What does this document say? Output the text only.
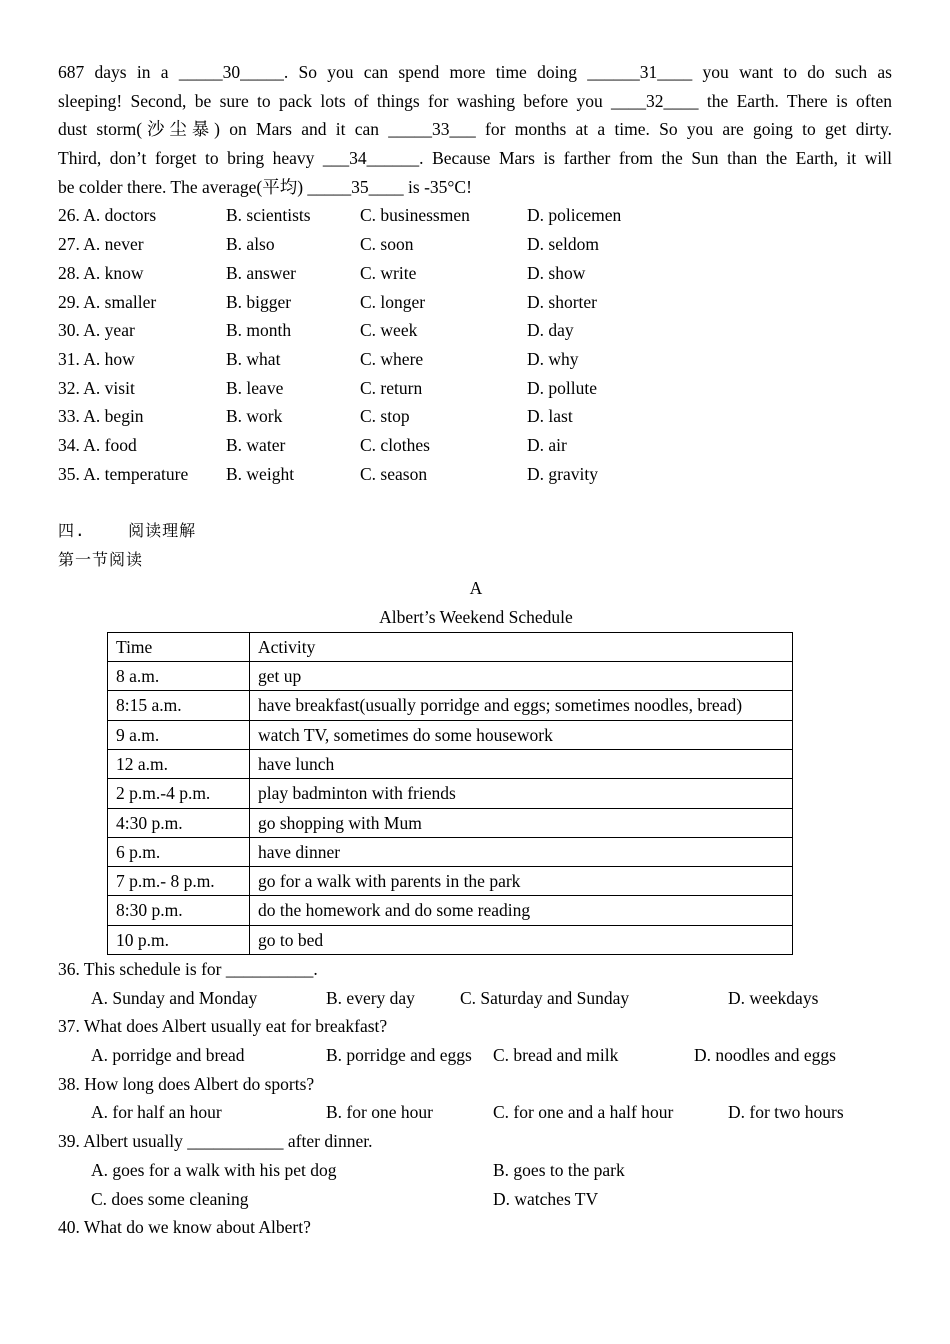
687 days in a _____30_____. So you can spend more time doing ______31____ you want to do such as
sleeping! Second, be sure to pack lots of things for washing before you ____32____ the Earth. There is often
dust storm(沙尘暴) on Mars and it can _____33___ for months at a time. So you are going to get dirty.
Third, don’t forget to bring heavy ___34______. Because Mars is farther from the Sun than the Earth, it will
be colder there. The average(平均) _____35____ is -35°C!
26. A. doctors	B. scientists	C. businessmen	D. policemen
27. A. never	B. also	C. soon	D. seldom
28. A. know	B. answer	C. write	D. show
29. A. smaller	B. bigger	C. longer	D. shorter
30. A. year	B. month	C. week	D. day
31. A. how	B. what	C. where	D. why
32. A. visit	B. leave	C. return	D. pollute
33. A. begin	B. work	C. stop	D. last
34. A. food	B. water	C. clothes	D. air
35. A. temperature B. weight	C. season	D. gravity
四.    阅读理解
第一节阅读
A
Albert’s Weekend Schedule
Time	Activity
8 a.m.	get up
8:15 a.m.	have breakfast(usually porridge and eggs; sometimes noodles, bread)
9 a.m.	watch TV, sometimes do some housework
12 a.m.	have lunch
2 p.m.-4 p.m.	play badminton with friends
4:30 p.m.	go shopping with Mum
6 p.m.	have dinner
7 p.m.- 8 p.m.	go for a walk with parents in the park
8:30 p.m.	do the homework and do some reading
10 p.m.	go to bed
36. This schedule is for __________.
A. Sunday and Monday	B. every day	C. Saturday and Sunday	D. weekdays
37. What does Albert usually eat for breakfast?
A. porridge and bread	B. porridge and eggs C. bread and milk	D. noodles and eggs
38. How long does Albert do sports?
A. for half an hour	B. for one hour	C. for one and a half hour	D. for two hours
39. Albert usually ___________ after dinner.
A. goes for a walk with his pet dog	B. goes to the park
C. does some cleaning	D. watches TV
40. What do we know about Albert?
